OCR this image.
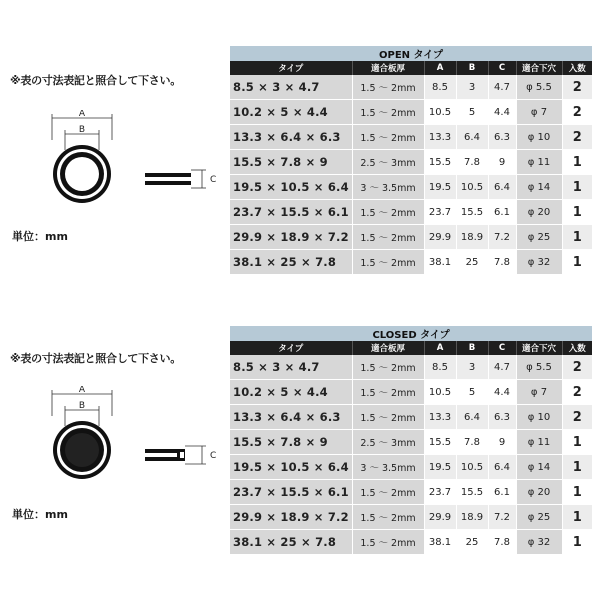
※表の寸法表記と照合して下さい。
A
B
C
単位：mm
OPEN タイプ						
タイプ	適合板厚	A	B	C	適合下穴	入数
8.5 × 3 × 4.7	1.5 ～ 2mm	8.5	3	4.7	φ 5.5	2
10.2 × 5 × 4.4	1.5 ～ 2mm	10.5	5	4.4	φ 7	2
13.3 × 6.4 × 6.3	1.5 ～ 2mm	13.3	6.4	6.3	φ 10	2
15.5 × 7.8 × 9	2.5 ～ 3mm	15.5	7.8	9	φ 11	1
19.5 × 10.5 × 6.4	3 ～ 3.5mm	19.5	10.5	6.4	φ 14	1
23.7 × 15.5 × 6.1	1.5 ～ 2mm	23.7	15.5	6.1	φ 20	1
29.9 × 18.9 × 7.2	1.5 ～ 2mm	29.9	18.9	7.2	φ 25	1
38.1 × 25 × 7.8	1.5 ～ 2mm	38.1	25	7.8	φ 32	1
※表の寸法表記と照合して下さい。
A
B
C
単位：mm
CLOSED タイプ						
タイプ	適合板厚	A	B	C	適合下穴	入数
8.5 × 3 × 4.7	1.5 ～ 2mm	8.5	3	4.7	φ 5.5	2
10.2 × 5 × 4.4	1.5 ～ 2mm	10.5	5	4.4	φ 7	2
13.3 × 6.4 × 6.3	1.5 ～ 2mm	13.3	6.4	6.3	φ 10	2
15.5 × 7.8 × 9	2.5 ～ 3mm	15.5	7.8	9	φ 11	1
19.5 × 10.5 × 6.4	3 ～ 3.5mm	19.5	10.5	6.4	φ 14	1
23.7 × 15.5 × 6.1	1.5 ～ 2mm	23.7	15.5	6.1	φ 20	1
29.9 × 18.9 × 7.2	1.5 ～ 2mm	29.9	18.9	7.2	φ 25	1
38.1 × 25 × 7.8	1.5 ～ 2mm	38.1	25	7.8	φ 32	1
